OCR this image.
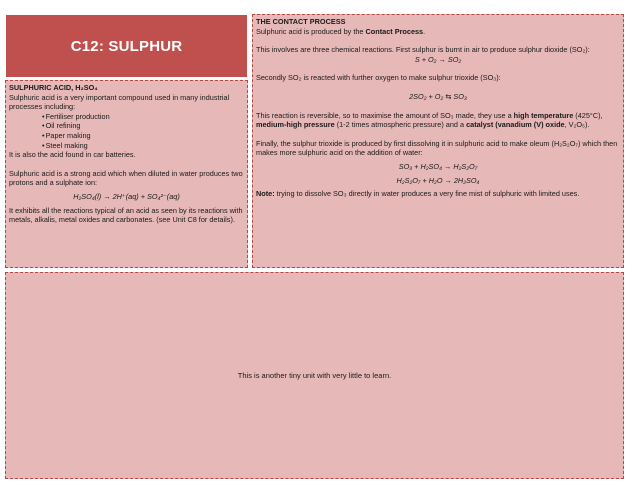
C12: SULPHUR

SULPHURIC ACID, H₂SO₄

Sulphuric acid is a very important compound used in many industrial processes including:

• Fertiliser production
• Oil refining
• Paper making
• Steel making

It is also the acid found in car batteries.

Sulphuric acid is a strong acid which when diluted in water produces two protons and a sulphate ion:

H₂SO₄(l) → 2H⁺(aq) + SO₄²⁻(aq)

It exhibits all the reactions typical of an acid as seen by its reactions with metals, alkalis, metal oxides and carbonates. (see Unit C8 for details).

THE CONTACT PROCESS

Sulphuric acid is produced by the Contact Process.

This involves are three chemical reactions. First sulphur is burnt in air to produce sulphur dioxide (SO₂):

S + O₂ → SO₂

Secondly SO₂ is reacted with further oxygen to make sulphur trioxide (SO₃):

2SO₂ + O₂ ⇆ SO₃

This reaction is reversible, so to maximise the amount of SO₃ made, they use a high temperature (425°C), medium-high pressure (1-2 times atmospheric pressure) and a catalyst (vanadium (V) oxide, V₂O₅).

Finally, the sulphur trioxide is produced by first dissolving it in sulphuric acid to make oleum (H₂S₂O₇) which then makes more sulphuric acid on the addition of water:

SO₃ + H₂SO₄ → H₂S₂O₇

H₂S₂O₇ + H₂O → 2H₂SO₄

Note: trying to dissolve SO₃ directly in water produces a very fine mist of sulphuric with limited uses.

This is another tiny unit with very little to learn.
